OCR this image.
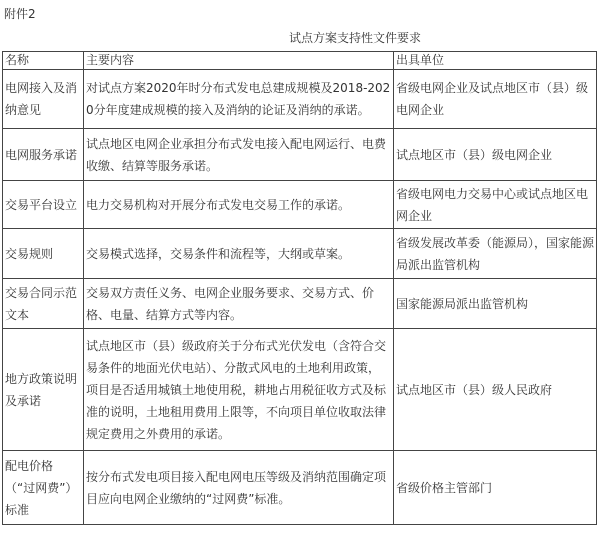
附件2
试点方案支持性文件要求
名称	主要内容	出具单位
电网接入及消纳意见	对试点方案2020年时分布式发电总建成规模及2018-2020分年度建成规模的接入及消纳的论证及消纳的承诺。	省级电网企业及试点地区市（县）级电网企业
电网服务承诺	试点地区电网企业承担分布式发电接入配电网运行、电费收缴、结算等服务承诺。	试点地区市（县）级电网企业
交易平台设立	电力交易机构对开展分布式发电交易工作的承诺。	省级电网电力交易中心或试点地区电网企业
交易规则	交易模式选择，交易条件和流程等，大纲或草案。	省级发展改革委（能源局），国家能源局派出监管机构
交易合同示范文本	交易双方责任义务、电网企业服务要求、交易方式、价格、电量、结算方式等内容。	国家能源局派出监管机构
地方政策说明及承诺	试点地区市（县）级政府关于分布式光伏发电（含符合交易条件的地面光伏电站）、分散式风电的土地利用政策，项目是否适用城镇土地使用税，耕地占用税征收方式及标准的说明，土地租用费用上限等，不向项目单位收取法律规定费用之外费用的承诺。	试点地区市（县）级人民政府
配电价格（“过网费”）标准	按分布式发电项目接入配电网电压等级及消纳范围确定项目应向电网企业缴纳的“过网费”标准。	省级价格主管部门
